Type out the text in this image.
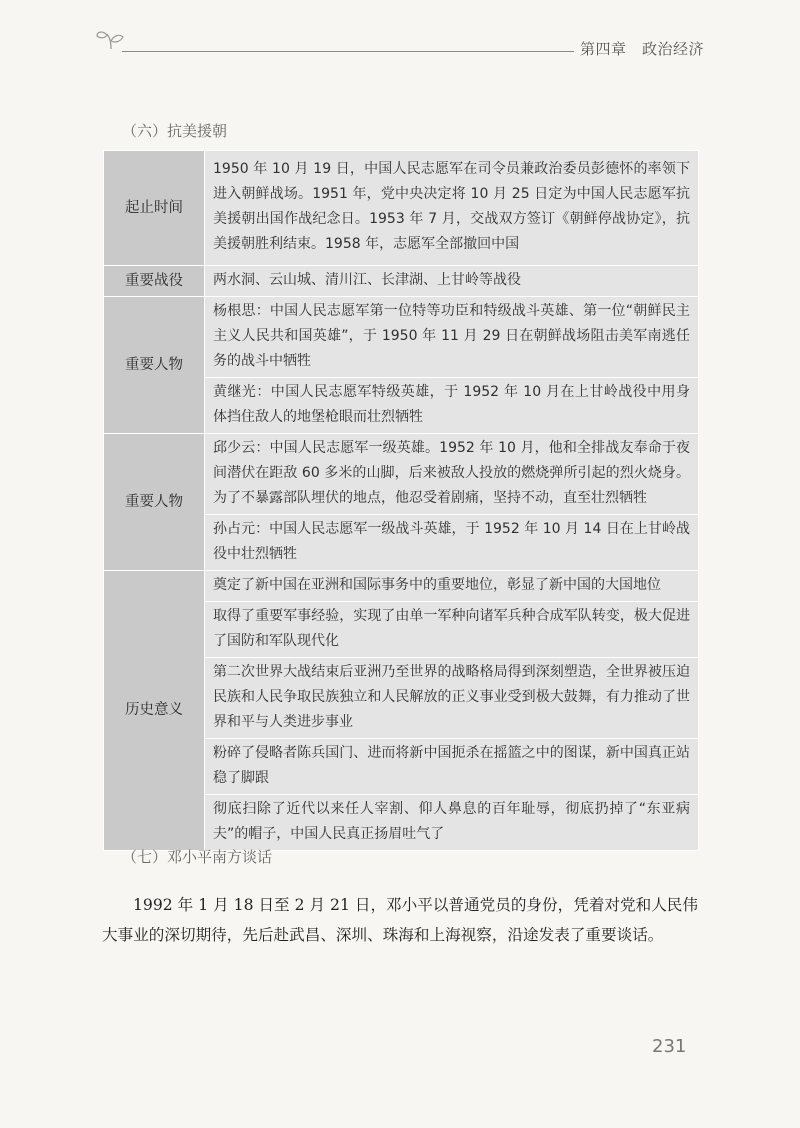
第四章　政治经济
（六）抗美援朝
起止时间	1950 年 10 月 19 日，中国人民志愿军在司令员兼政治委员彭德怀的率领下进入朝鲜战场。1951 年，党中央决定将 10 月 25 日定为中国人民志愿军抗美援朝出国作战纪念日。1953 年 7 月，交战双方签订《朝鲜停战协定》，抗美援朝胜利结束。1958 年，志愿军全部撤回中国
重要战役	两水洞、云山城、清川江、长津湖、上甘岭等战役
重要人物	杨根思：中国人民志愿军第一位特等功臣和特级战斗英雄、第一位“朝鲜民主主义人民共和国英雄”，于 1950 年 11 月 29 日在朝鲜战场阻击美军南逃任务的战斗中牺牲
	黄继光：中国人民志愿军特级英雄，于 1952 年 10 月在上甘岭战役中用身体挡住敌人的地堡枪眼而壮烈牺牲
重要人物	邱少云：中国人民志愿军一级英雄。1952 年 10 月，他和全排战友奉命于夜间潜伏在距敌 60 多米的山脚，后来被敌人投放的燃烧弹所引起的烈火烧身。为了不暴露部队埋伏的地点，他忍受着剧痛，坚持不动，直至壮烈牺牲
	孙占元：中国人民志愿军一级战斗英雄，于 1952 年 10 月 14 日在上甘岭战役中壮烈牺牲
历史意义	奠定了新中国在亚洲和国际事务中的重要地位，彰显了新中国的大国地位
	取得了重要军事经验，实现了由单一军种向诸军兵种合成军队转变，极大促进了国防和军队现代化
	第二次世界大战结束后亚洲乃至世界的战略格局得到深刻塑造，全世界被压迫民族和人民争取民族独立和人民解放的正义事业受到极大鼓舞，有力推动了世界和平与人类进步事业
	粉碎了侵略者陈兵国门、进而将新中国扼杀在摇篮之中的图谋，新中国真正站稳了脚跟
	彻底扫除了近代以来任人宰割、仰人鼻息的百年耻辱，彻底扔掉了“东亚病夫”的帽子，中国人民真正扬眉吐气了
（七）邓小平南方谈话

1992 年 1 月 18 日至 2 月 21 日，邓小平以普通党员的身份，凭着对党和人民伟大事业的深切期待，先后赴武昌、深圳、珠海和上海视察，沿途发表了重要谈话。

231
